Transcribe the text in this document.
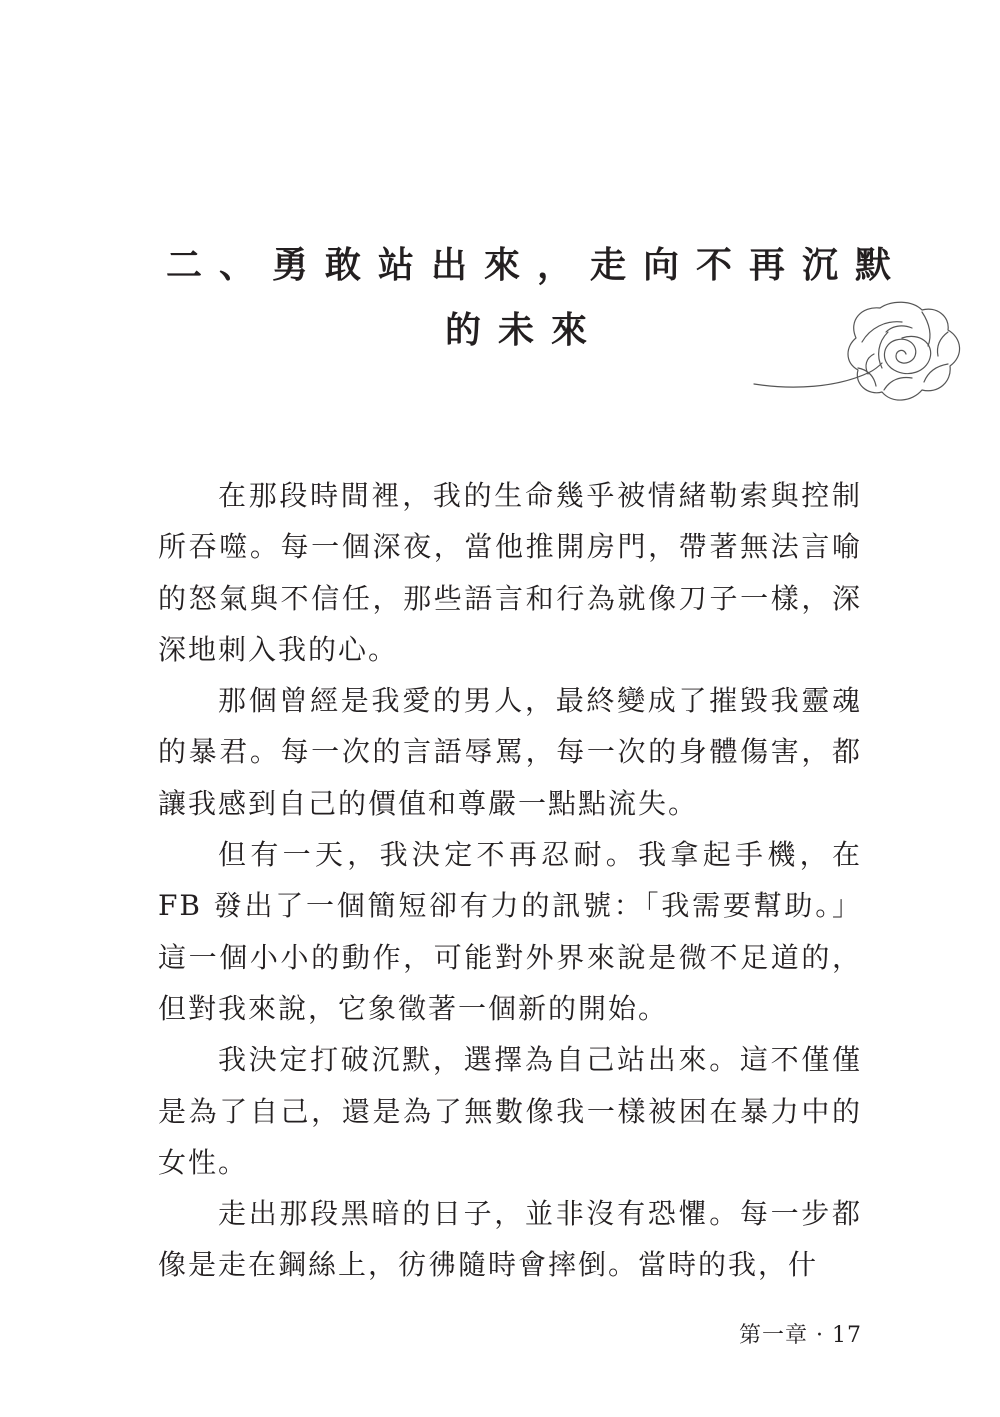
二、勇敢站出來，走向不再沉默
的未來

在那段時間裡，我的生命幾乎被情緒勒索與控制所吞噬。每一個深夜，當他推開房門，帶著無法言喻的怒氣與不信任，那些語言和行為就像刀子一樣，深深地刺入我的心。

那個曾經是我愛的男人，最終變成了摧毀我靈魂的暴君。每一次的言語辱罵，每一次的身體傷害，都讓我感到自己的價值和尊嚴一點點流失。

但有一天，我決定不再忍耐。我拿起手機，在 FB 發出了一個簡短卻有力的訊號：「我需要幫助。」這一個小小的動作，可能對外界來說是微不足道的，但對我來說，它象徵著一個新的開始。

我決定打破沉默，選擇為自己站出來。這不僅僅是為了自己，還是為了無數像我一樣被困在暴力中的女性。

走出那段黑暗的日子，並非沒有恐懼。每一步都像是走在鋼絲上，彷彿隨時會摔倒。當時的我，什

第一章 · 17
